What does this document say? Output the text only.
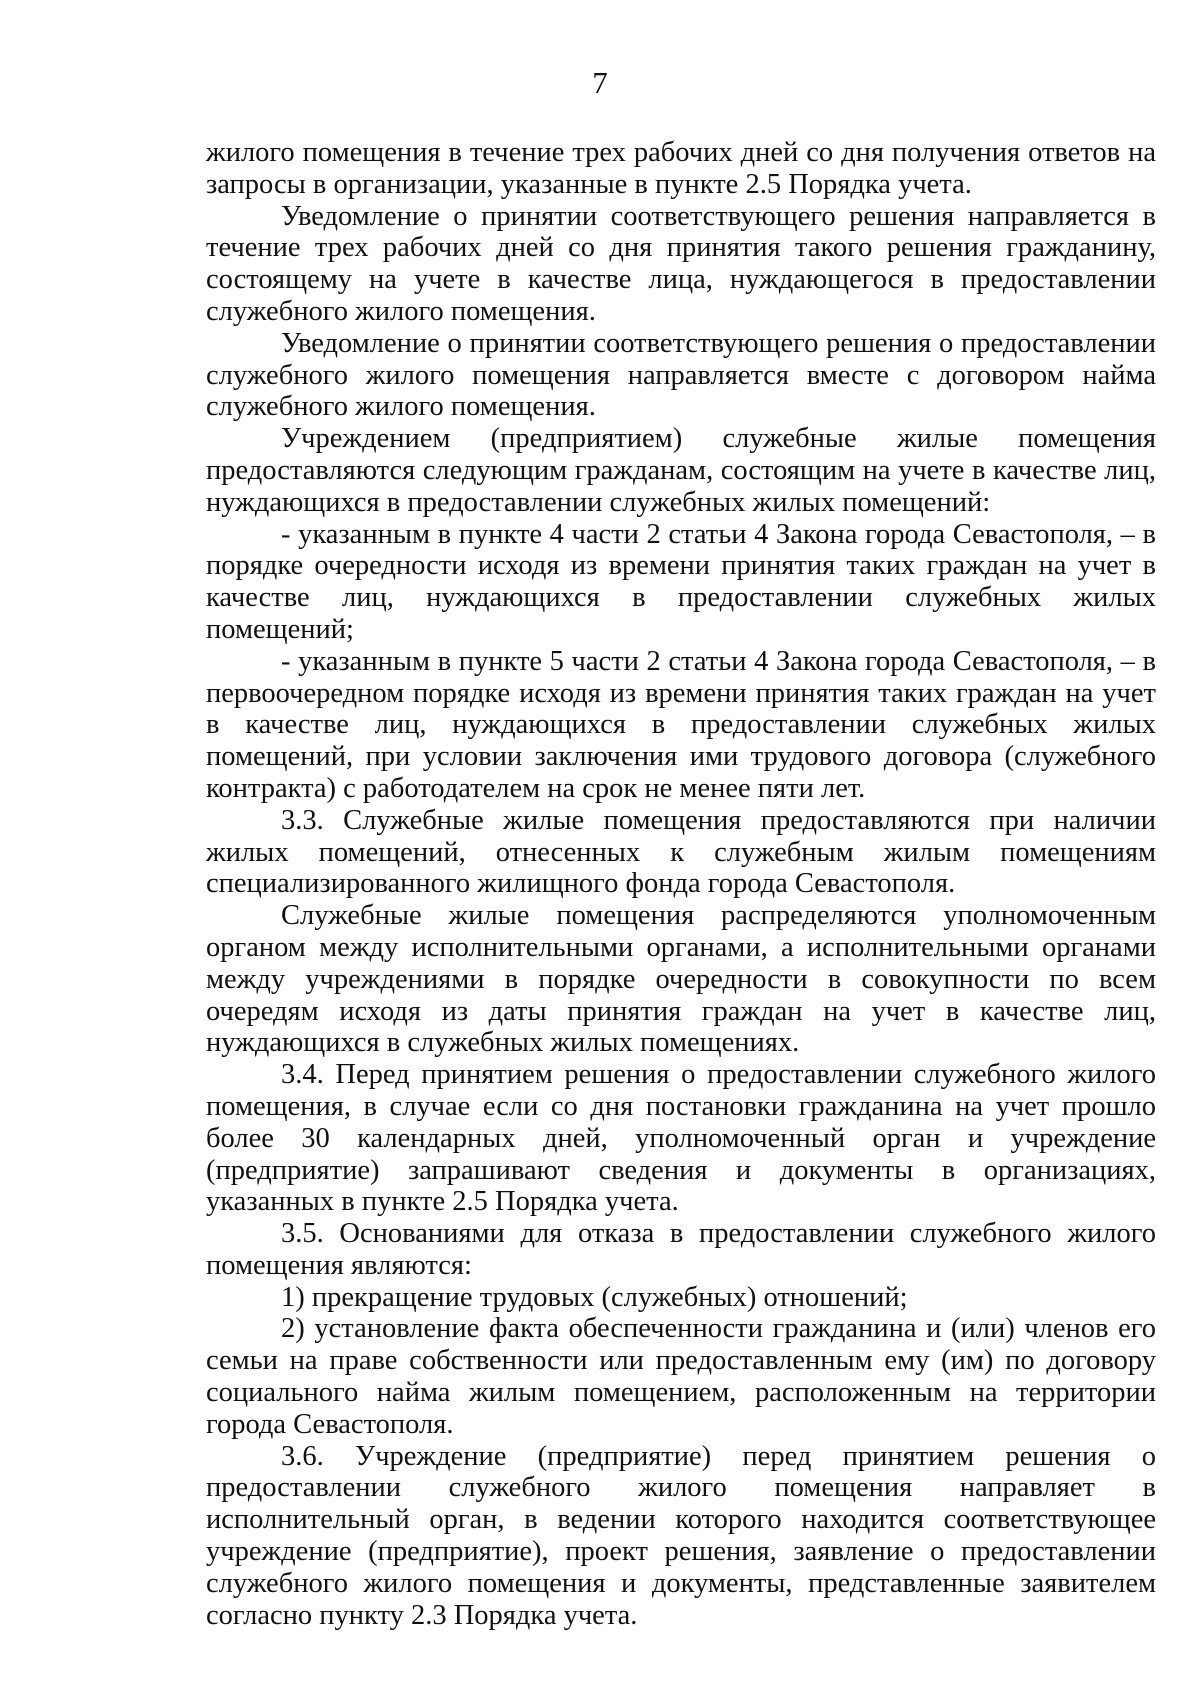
7

жилого помещения в течение трех рабочих дней со дня получения ответов на запросы в организации, указанные в пункте 2.5 Порядка учета.

Уведомление о принятии соответствующего решения направляется в течение трех рабочих дней со дня принятия такого решения гражданину, состоящему на учете в качестве лица, нуждающегося в предоставлении служебного жилого помещения.

Уведомление о принятии соответствующего решения о предоставлении служебного жилого помещения направляется вместе с договором найма служебного жилого помещения.

Учреждением (предприятием) служебные жилые помещения предоставляются следующим гражданам, состоящим на учете в качестве лиц, нуждающихся в предоставлении служебных жилых помещений:

- указанным в пункте 4 части 2 статьи 4 Закона города Севастополя, – в порядке очередности исходя из времени принятия таких граждан на учет в качестве лиц, нуждающихся в предоставлении служебных жилых помещений;

- указанным в пункте 5 части 2 статьи 4 Закона города Севастополя, – в первоочередном порядке исходя из времени принятия таких граждан на учет в качестве лиц, нуждающихся в предоставлении служебных жилых помещений, при условии заключения ими трудового договора (служебного контракта) с работодателем на срок не менее пяти лет.

3.3. Служебные жилые помещения предоставляются при наличии жилых помещений, отнесенных к служебным жилым помещениям специализированного жилищного фонда города Севастополя.

Служебные жилые помещения распределяются уполномоченным органом между исполнительными органами, а исполнительными органами между учреждениями в порядке очередности в совокупности по всем очередям исходя из даты принятия граждан на учет в качестве лиц, нуждающихся в служебных жилых помещениях.

3.4. Перед принятием решения о предоставлении служебного жилого помещения, в случае если со дня постановки гражданина на учет прошло более 30 календарных дней, уполномоченный орган и учреждение (предприятие) запрашивают сведения и документы в организациях, указанных в пункте 2.5 Порядка учета.

3.5. Основаниями для отказа в предоставлении служебного жилого помещения являются:

1) прекращение трудовых (служебных) отношений;

2) установление факта обеспеченности гражданина и (или) членов его семьи на праве собственности или предоставленным ему (им) по договору социального найма жилым помещением, расположенным на территории города Севастополя.

3.6. Учреждение (предприятие) перед принятием решения о предоставлении служебного жилого помещения направляет в исполнительный орган, в ведении которого находится соответствующее учреждение (предприятие), проект решения, заявление о предоставлении служебного жилого помещения и документы, представленные заявителем согласно пункту 2.3 Порядка учета.
